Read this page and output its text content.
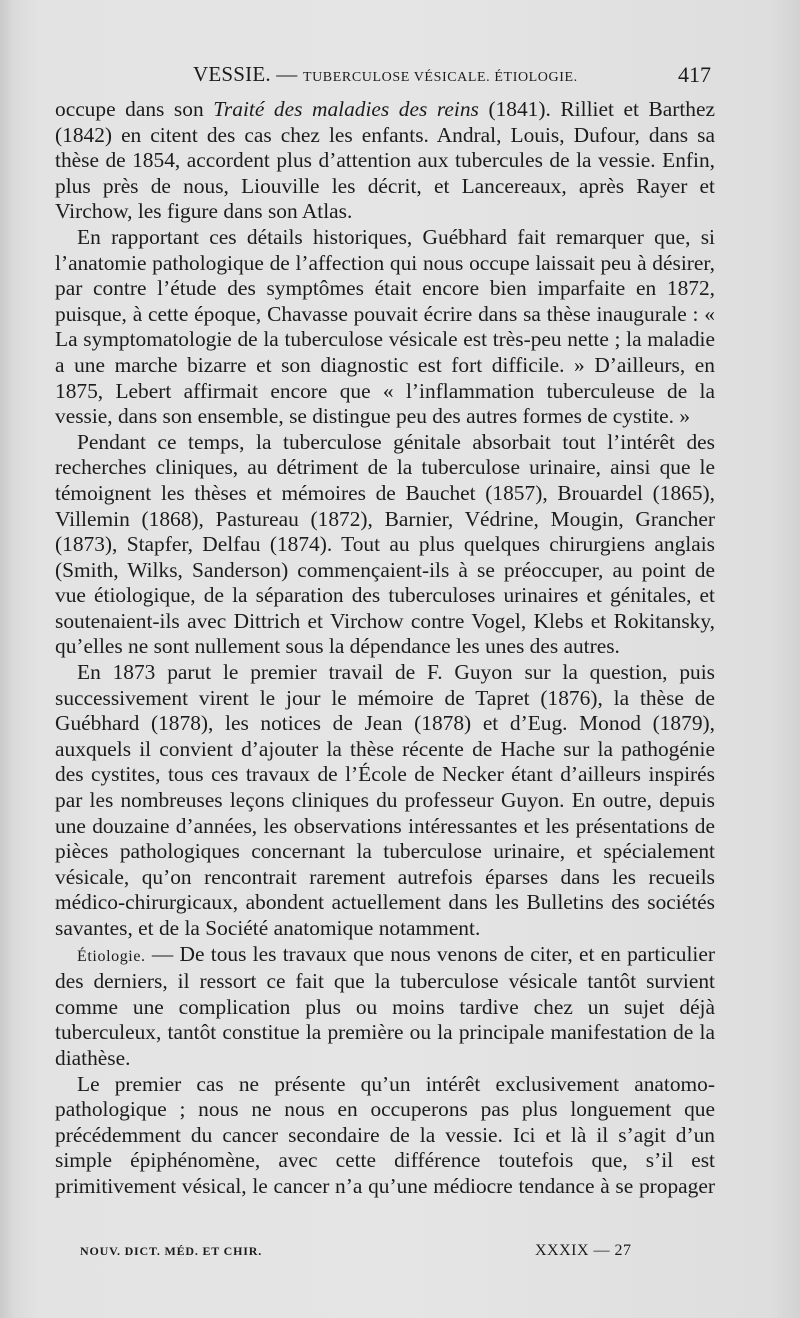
VESSIE. — TUBERCULOSE VÉSICALE. ÉTIOLOGIE.	417

occupe dans son Traité des maladies des reins (1841). Rilliet et Barthez (1842) en citent des cas chez les enfants. Andral, Louis, Dufour, dans sa thèse de 1854, accordent plus d’attention aux tubercules de la vessie. Enfin, plus près de nous, Liouville les décrit, et Lancereaux, après Rayer et Virchow, les figure dans son Atlas.

En rapportant ces détails historiques, Guébhard fait remarquer que, si l’anatomie pathologique de l’affection qui nous occupe laissait peu à désirer, par contre l’étude des symptômes était encore bien imparfaite en 1872, puisque, à cette époque, Chavasse pouvait écrire dans sa thèse inaugurale : « La symptomatologie de la tuberculose vésicale est très-peu nette ; la maladie a une marche bizarre et son diagnostic est fort difficile. » D’ailleurs, en 1875, Lebert affirmait encore que « l’inflammation tuberculeuse de la vessie, dans son ensemble, se distingue peu des autres formes de cystite. »

Pendant ce temps, la tuberculose génitale absorbait tout l’intérêt des recherches cliniques, au détriment de la tuberculose urinaire, ainsi que le témoignent les thèses et mémoires de Bauchet (1857), Brouardel (1865), Villemin (1868), Pastureau (1872), Barnier, Védrine, Mougin, Grancher (1873), Stapfer, Delfau (1874). Tout au plus quelques chirurgiens anglais (Smith, Wilks, Sanderson) commençaient-ils à se préoccuper, au point de vue étiologique, de la séparation des tuberculoses urinaires et génitales, et soutenaient-ils avec Dittrich et Virchow contre Vogel, Klebs et Rokitansky, qu’elles ne sont nullement sous la dépendance les unes des autres.

En 1873 parut le premier travail de F. Guyon sur la question, puis successivement virent le jour le mémoire de Tapret (1876), la thèse de Guébhard (1878), les notices de Jean (1878) et d’Eug. Monod (1879), auxquels il convient d’ajouter la thèse récente de Hache sur la pathogénie des cystites, tous ces travaux de l’École de Necker étant d’ailleurs inspirés par les nombreuses leçons cliniques du professeur Guyon. En outre, depuis une douzaine d’années, les observations intéressantes et les présentations de pièces pathologiques concernant la tuberculose urinaire, et spécialement vésicale, qu’on rencontrait rarement autrefois éparses dans les recueils médico-chirurgicaux, abondent actuellement dans les Bulletins des sociétés savantes, et de la Société anatomique notamment.

Étiologie. — De tous les travaux que nous venons de citer, et en particulier des derniers, il ressort ce fait que la tuberculose vésicale tantôt survient comme une complication plus ou moins tardive chez un sujet déjà tuberculeux, tantôt constitue la première ou la principale manifestation de la diathèse.

Le premier cas ne présente qu’un intérêt exclusivement anatomo-pathologique ; nous ne nous en occuperons pas plus longuement que précédemment du cancer secondaire de la vessie. Ici et là il s’agit d’un simple épiphénomène, avec cette différence toutefois que, s’il est primitivement vésical, le cancer n’a qu’une médiocre tendance à se propager

NOUV. DICT. MÉD. ET CHIR.	XXXIX — 27
